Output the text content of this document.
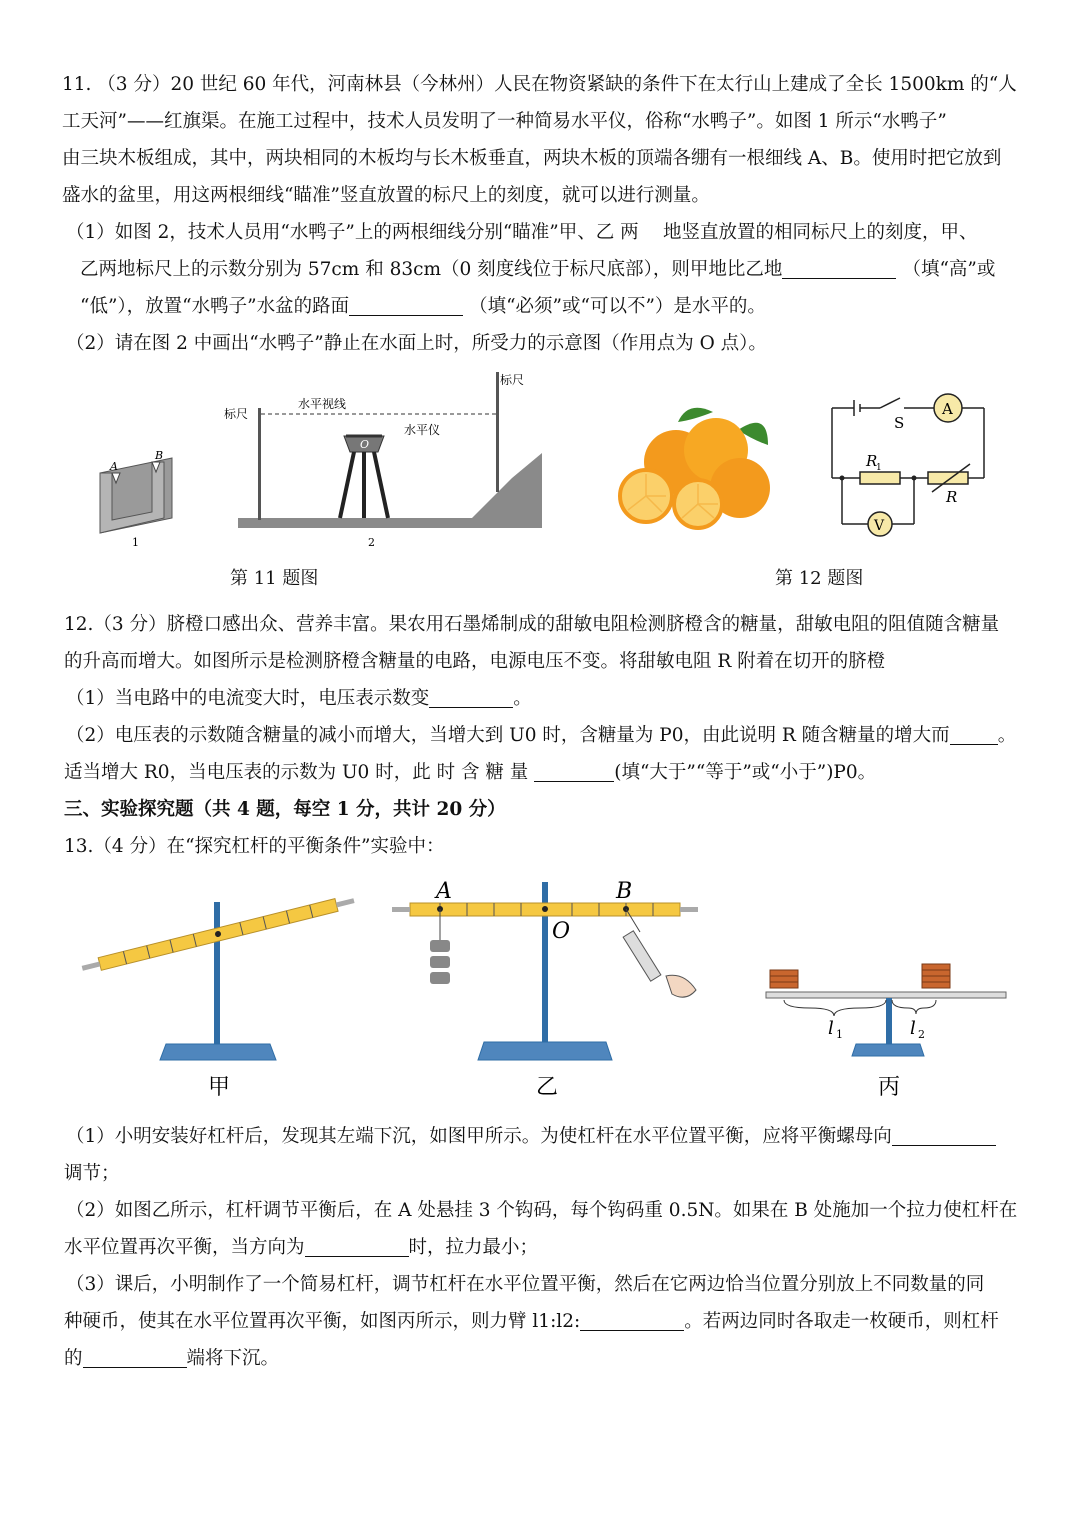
11. （3 分）20 世纪 60 年代，河南林县（今林州）人民在物资紧缺的条件下在太行山上建成了全长 1500km 的“人
工天河”——红旗渠。在施工过程中，技术人员发明了一种简易水平仪，俗称“水鸭子”。如图 1 所示“水鸭子”
由三块木板组成，其中，两块相同的木板均与长木板垂直，两块木板的顶端各绷有一根细线 A、B。使用时把它放到
盛水的盆里，用这两根细线“瞄准”竖直放置的标尺上的刻度，就可以进行测量。
（1）如图 2，技术人员用“水鸭子”上的两根细线分别“瞄准”甲、乙 两　 地竖直放置的相同标尺上的刻度，甲、
乙两地标尺上的示数分别为 57cm 和 83cm（0 刻度线位于标尺底部），则甲地比乙地	（填“高”或
“低”），放置“水鸭子”水盆的路面	（填“必须”或“可以不”）是水平的。
（2）请在图 2 中画出“水鸭子”静止在水面上时，所受力的示意图（作用点为 O 点）。
A
B
1
标尺
标尺
水平视线
水平仪
O
2
S
A
V
R
1
R
第 11 题图	第 12 题图
12.（3 分）脐橙口感出众、营养丰富。果农用石墨烯制成的甜敏电阻检测脐橙含的糖量，甜敏电阻的阻值随含糖量
的升高而增大。如图所示是检测脐橙含糖量的电路，电源电压不变。将甜敏电阻 R 附着在切开的脐橙
（1）当电路中的电流变大时，电压表示数变	。
（2）电压表的示数随含糖量的减小而增大，当增大到 U0 时，含糖量为 P0，由此说明 R 随含糖量的增大而	。
适当增大 R0，当电压表的示数为 U0 时，此 时 含 糖 量	(填“大于”“等于”或“小于”)P0。
三、实验探究题（共 4 题，每空 1 分，共计 20 分）
13.（4 分）在“探究杠杆的平衡条件”实验中：
甲
A	B
O
乙
l 1	l 2
丙
（1）小明安装好杠杆后，发现其左端下沉，如图甲所示。为使杠杆在水平位置平衡，应将平衡螺母向
调节；
（2）如图乙所示，杠杆调节平衡后，在 A 处悬挂 3 个钩码，每个钩码重 0.5N。如果在 B 处施加一个拉力使杠杆在
水平位置再次平衡，当方向为	时，拉力最小；
（3）课后，小明制作了一个简易杠杆，调节杠杆在水平位置平衡，然后在它两边恰当位置分别放上不同数量的同
种硬币，使其在水平位置再次平衡，如图丙所示，则力臂 l1:l2:	。若两边同时各取走一枚硬币，则杠杆
的	端将下沉。
